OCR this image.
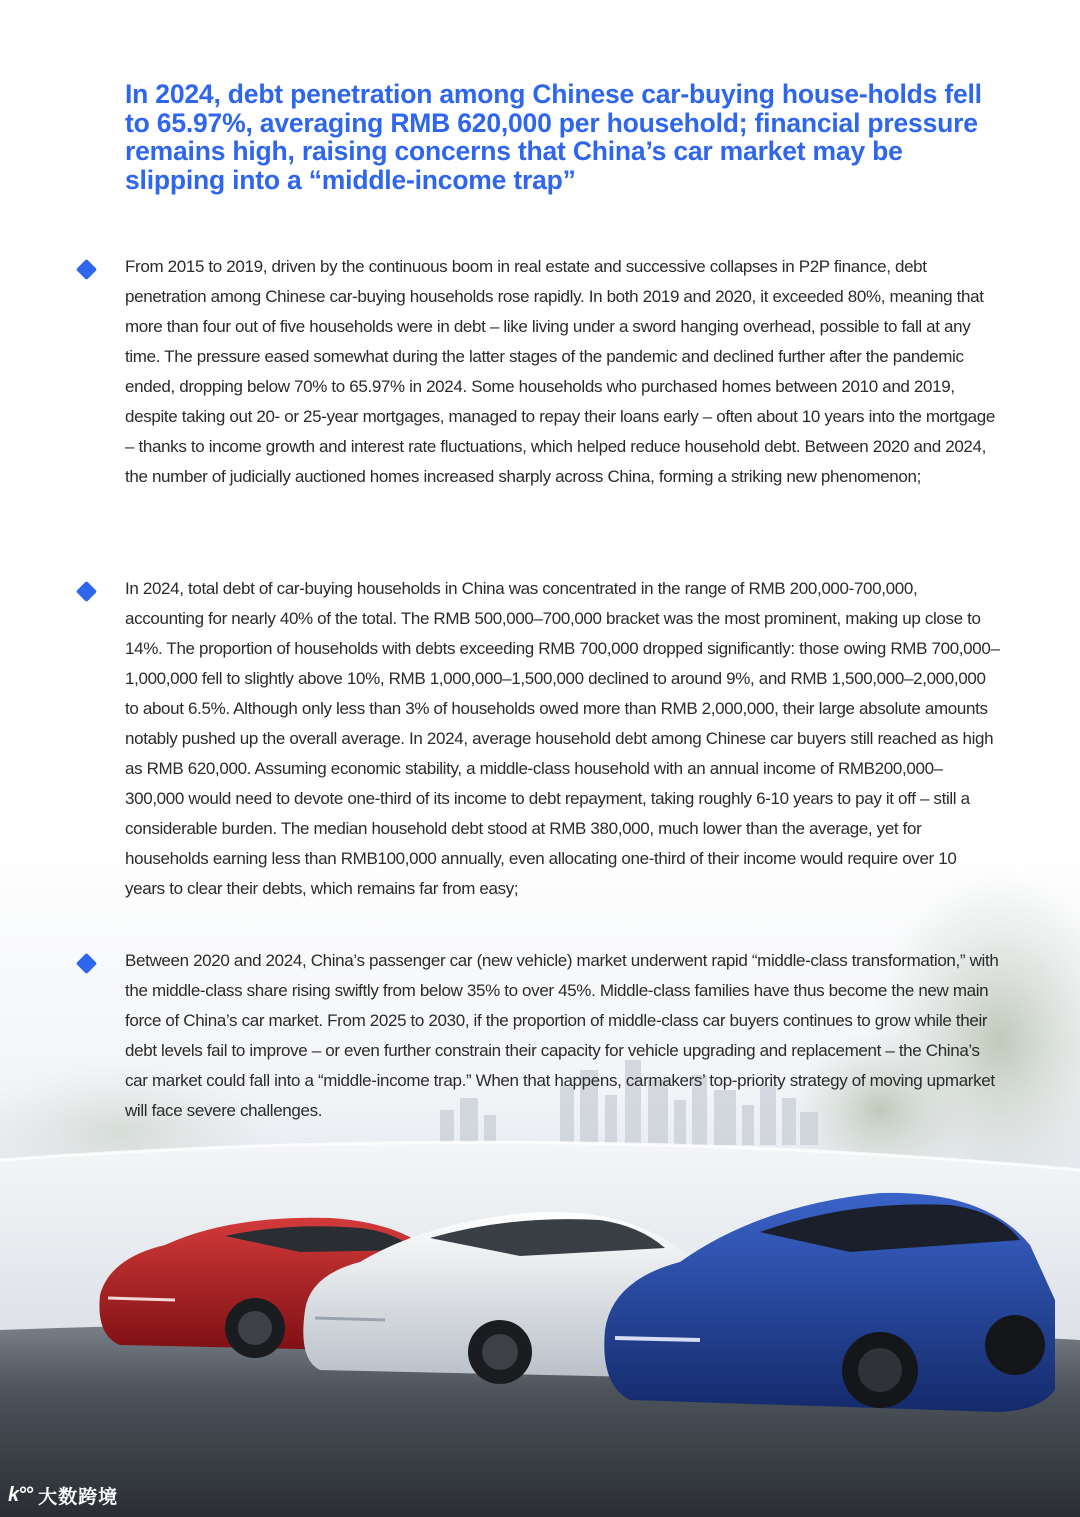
In 2024, debt penetration among Chinese car-buying house-holds fell to 65.97%, averaging RMB 620,000 per household; financial pressure remains high, raising concerns that China’s car market may be slipping into a “middle-income trap”

From 2015 to 2019, driven by the continuous boom in real estate and successive collapses in P2P finance, debt penetration among Chinese car-buying households rose rapidly. In both 2019 and 2020, it exceeded 80%, meaning that more than four out of five households were in debt – like living under a sword hanging overhead, possible to fall at any time. The pressure eased somewhat during the latter stages of the pandemic and declined further after the pandemic ended, dropping below 70% to 65.97% in 2024. Some households who purchased homes between 2010 and 2019, despite taking out 20- or 25-year mortgages, managed to repay their loans early – often about 10 years into the mortgage – thanks to income growth and interest rate fluctuations, which helped reduce household debt. Between 2020 and 2024, the number of judicially auctioned homes increased sharply across China, forming a striking new phenomenon;

In 2024, total debt of car-buying households in China was concentrated in the range of RMB 200,000-700,000, accounting for nearly 40% of the total. The RMB 500,000–700,000 bracket was the most prominent, making up close to 14%. The proportion of households with debts exceeding RMB 700,000 dropped significantly: those owing RMB 700,000–1,000,000 fell to slightly above 10%, RMB 1,000,000–1,500,000 declined to around 9%, and RMB 1,500,000–2,000,000 to about 6.5%. Although only less than 3% of households owed more than RMB 2,000,000, their large absolute amounts notably pushed up the overall average. In 2024, average household debt among Chinese car buyers still reached as high as RMB 620,000. Assuming economic stability, a middle-class household with an annual income of RMB200,000–300,000 would need to devote one-third of its income to debt repayment, taking roughly 6-10 years to pay it off – still a considerable burden. The median household debt stood at RMB 380,000, much lower than the average, yet for households earning less than RMB100,000 annually, even allocating one-third of their income would require over 10 years to clear their debts, which remains far from easy;

Between 2020 and 2024, China’s passenger car (new vehicle) market underwent rapid “middle-class transformation,” with the middle-class share rising swiftly from below 35% to over 45%. Middle-class families have thus become the new main force of China’s car market. From 2025 to 2030, if the proportion of middle-class car buyers continues to grow while their debt levels fail to improve – or even further constrain their capacity for vehicle upgrading and replacement – the China’s car market could fall into a “middle-income trap.” When that happens, carmakers’ top-priority strategy of moving upmarket will face severe challenges.

k°° 大数跨境
